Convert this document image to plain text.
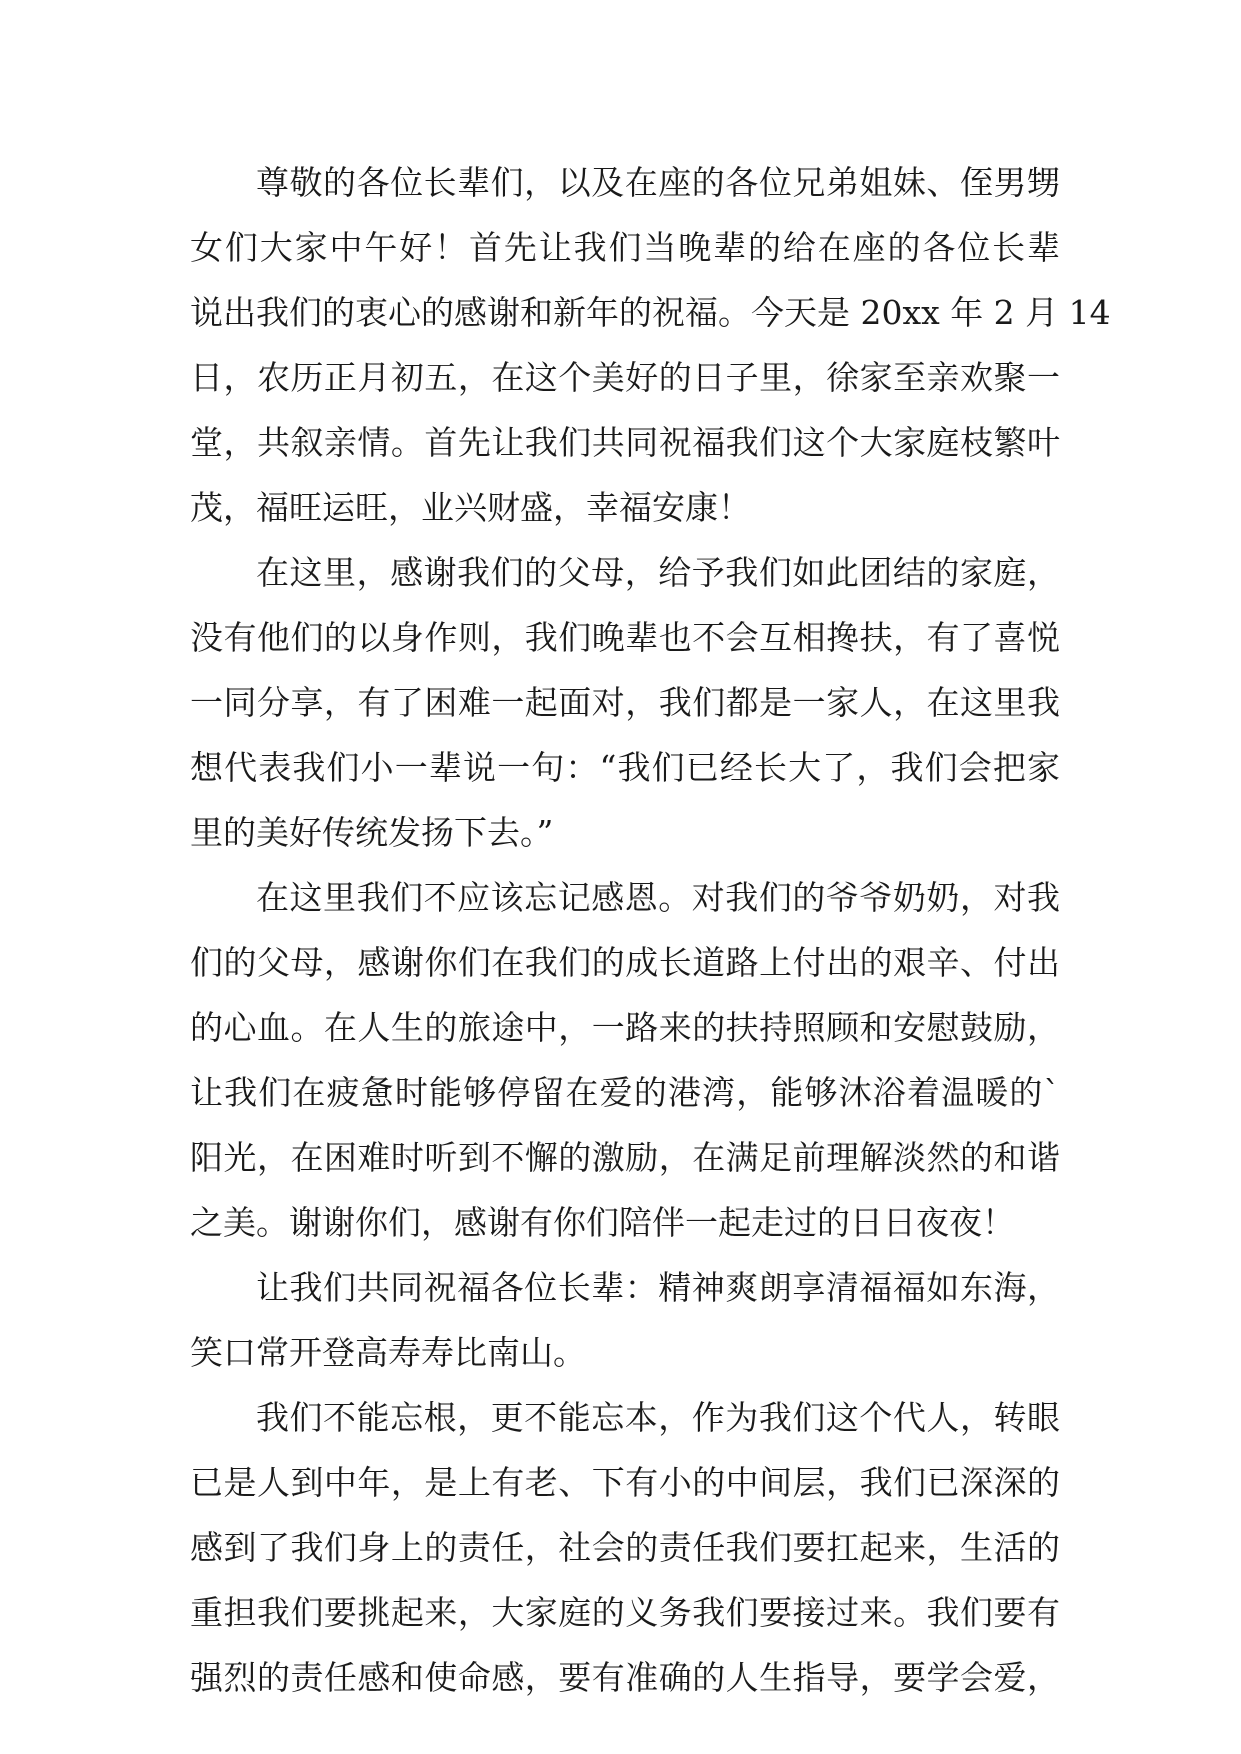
尊敬的各位长辈们，以及在座的各位兄弟姐妹、侄男甥
女们大家中午好！首先让我们当晚辈的给在座的各位长辈
说出我们的衷心的感谢和新年的祝福。今天是 20xx 年 2 月 14
日，农历正月初五，在这个美好的日子里，徐家至亲欢聚一
堂，共叙亲情。首先让我们共同祝福我们这个大家庭枝繁叶
茂，福旺运旺，业兴财盛，幸福安康！
在这里，感谢我们的父母，给予我们如此团结的家庭，
没有他们的以身作则，我们晚辈也不会互相搀扶，有了喜悦
一同分享，有了困难一起面对，我们都是一家人，在这里我
想代表我们小一辈说一句：“我们已经长大了，我们会把家
里的美好传统发扬下去。”
在这里我们不应该忘记感恩。对我们的爷爷奶奶，对我
们的父母，感谢你们在我们的成长道路上付出的艰辛、付出
的心血。在人生的旅途中，一路来的扶持照顾和安慰鼓励，
让我们在疲惫时能够停留在爱的港湾，能够沐浴着温暖的`
阳光，在困难时听到不懈的激励，在满足前理解淡然的和谐
之美。谢谢你们，感谢有你们陪伴一起走过的日日夜夜！
让我们共同祝福各位长辈：精神爽朗享清福福如东海，
笑口常开登高寿寿比南山。
我们不能忘根，更不能忘本，作为我们这个代人，转眼
已是人到中年，是上有老、下有小的中间层，我们已深深的
感到了我们身上的责任，社会的责任我们要扛起来，生活的
重担我们要挑起来，大家庭的义务我们要接过来。我们要有
强烈的责任感和使命感，要有准确的人生指导，要学会爱，
